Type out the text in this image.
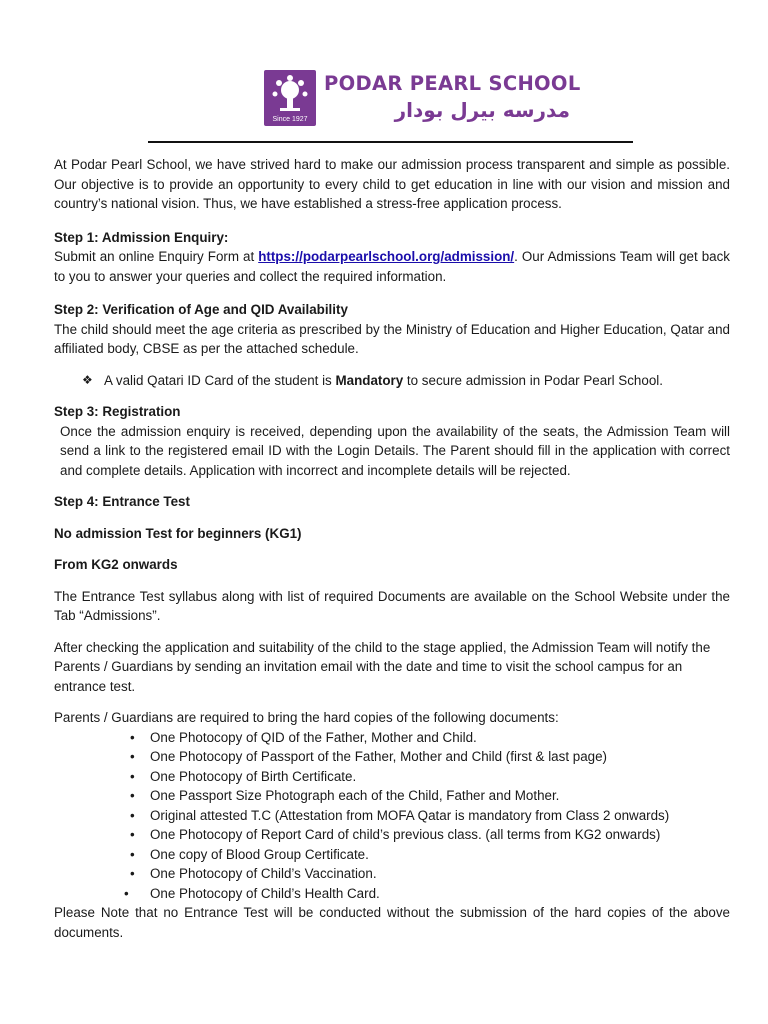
Since 1927
PODAR PEARL SCHOOL
مدرسه بيرل بودار

At Podar Pearl School, we have strived hard to make our admission process transparent and simple as possible. Our objective is to provide an opportunity to every child to get education in line with our vision and mission and country’s national vision. Thus, we have established a stress-free application process.

Step 1: Admission Enquiry:

Submit an online Enquiry Form at https://podarpearlschool.org/admission/. Our Admissions Team will get back to you to answer your queries and collect the required information.

Step 2: Verification of Age and QID Availability

The child should meet the age criteria as prescribed by the Ministry of Education and Higher Education, Qatar and affiliated body, CBSE as per the attached schedule.

❖ A valid Qatari ID Card of the student is Mandatory to secure admission in Podar Pearl School.

Step 3: Registration

Once the admission enquiry is received, depending upon the availability of the seats, the Admission Team will send a link to the registered email ID with the Login Details. The Parent should fill in the application with correct and complete details. Application with incorrect and incomplete details will be rejected.

Step 4: Entrance Test

No admission Test for beginners (KG1)

From KG2 onwards

The Entrance Test syllabus along with list of required Documents are available on the School Website under the Tab “Admissions”.

After checking the application and suitability of the child to the stage applied, the Admission Team will notify the Parents / Guardians by sending an invitation email with the date and time to visit the school campus for an entrance test.

Parents / Guardians are required to bring the hard copies of the following documents:

• One Photocopy of QID of the Father, Mother and Child.
• One Photocopy of Passport of the Father, Mother and Child (first & last page)
• One Photocopy of Birth Certificate.
• One Passport Size Photograph each of the Child, Father and Mother.
• Original attested T.C (Attestation from MOFA Qatar is mandatory from Class 2 onwards)
• One Photocopy of Report Card of child’s previous class. (all terms from KG2 onwards)
• One copy of Blood Group Certificate.
• One Photocopy of Child’s Vaccination.
• One Photocopy of Child’s Health Card.

Please Note that no Entrance Test will be conducted without the submission of the hard copies of the above documents.
